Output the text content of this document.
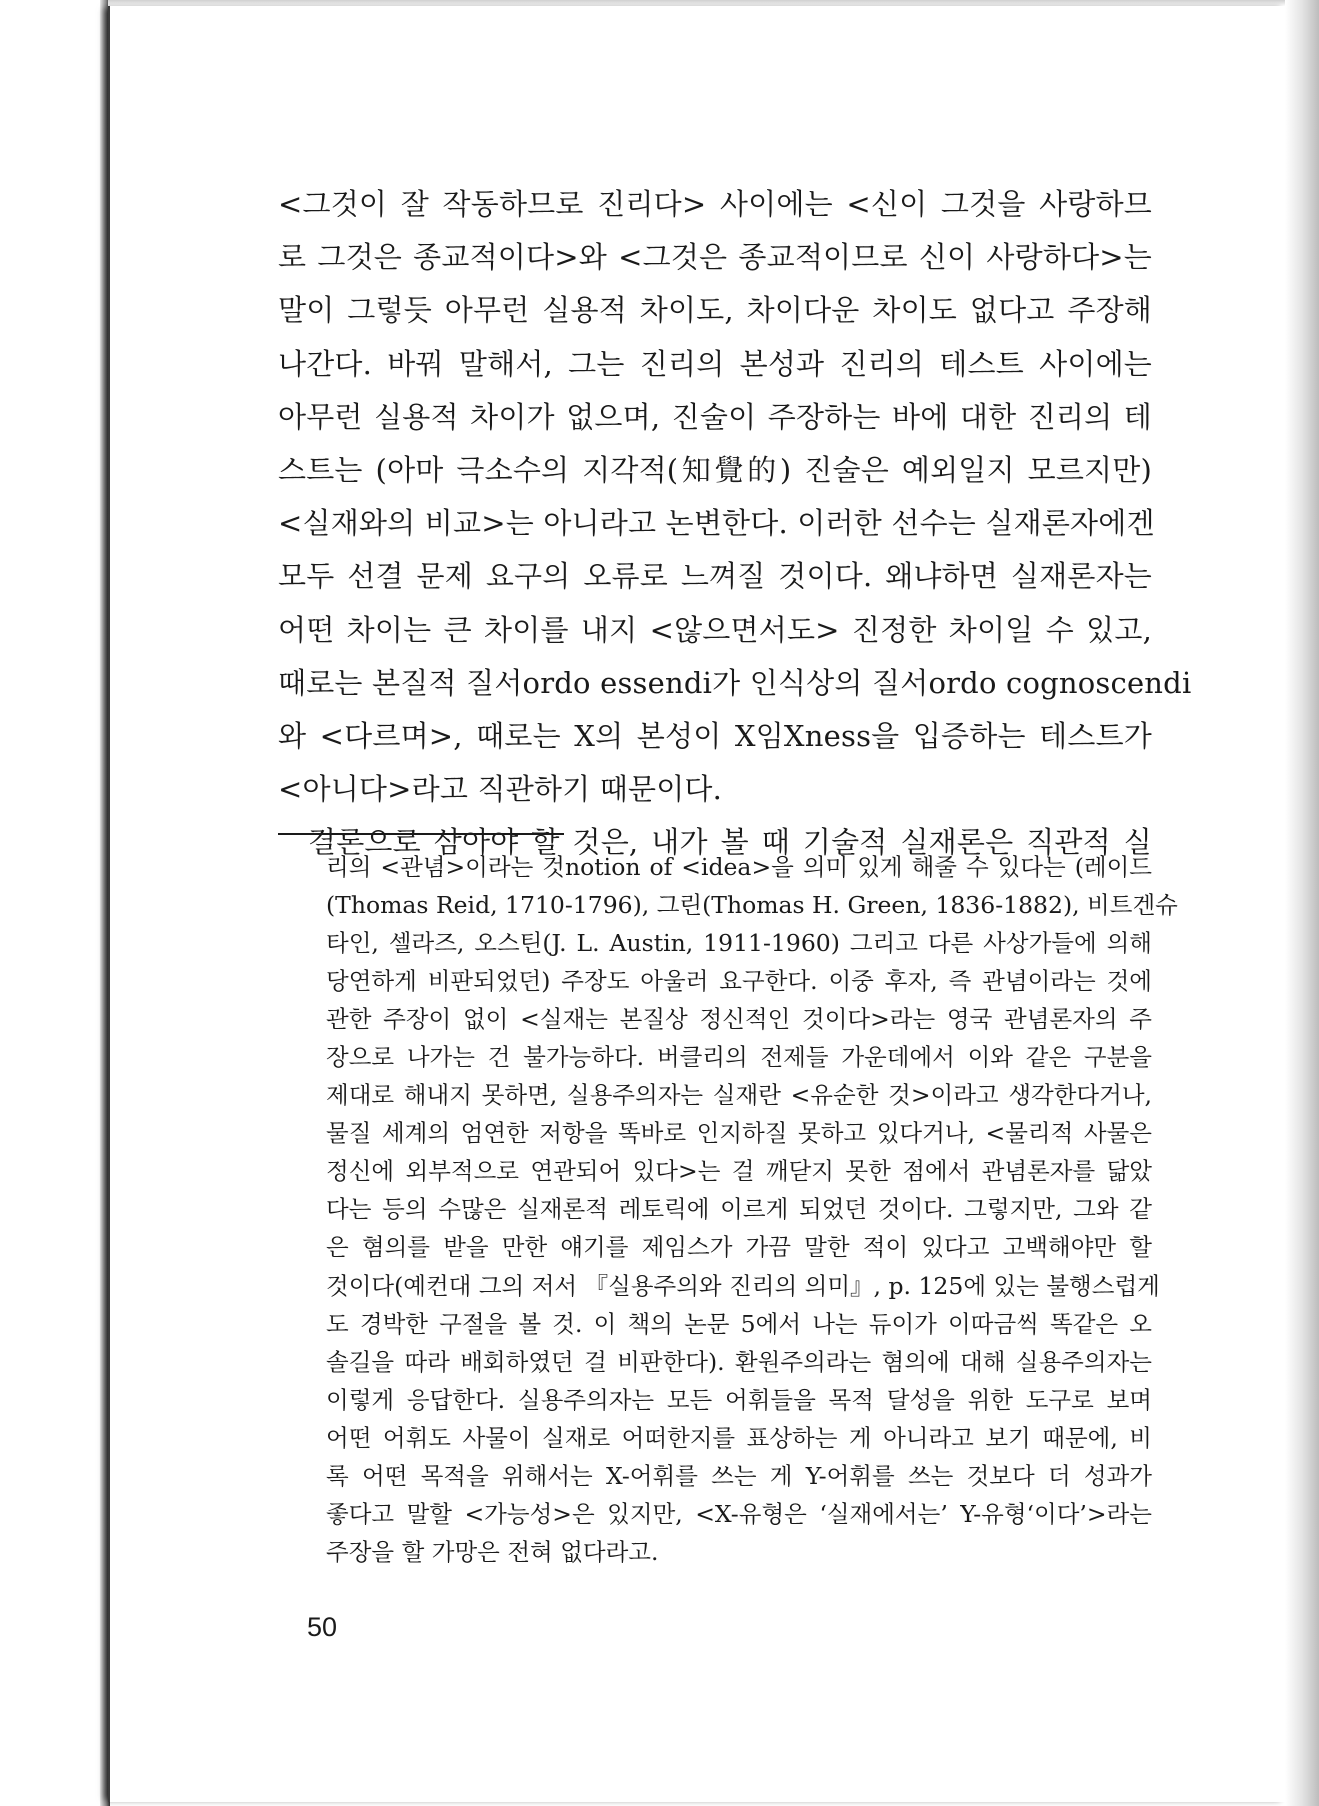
<그것이 잘 작동하므로 진리다> 사이에는 <신이 그것을 사랑하므
로 그것은 종교적이다>와 <그것은 종교적이므로 신이 사랑하다>는
말이 그렇듯 아무런 실용적 차이도, 차이다운 차이도 없다고 주장해
나간다. 바꿔 말해서, 그는 진리의 본성과 진리의 테스트 사이에는
아무런 실용적 차이가 없으며, 진술이 주장하는 바에 대한 진리의 테
스트는 (아마 극소수의 지각적(知覺的) 진술은 예외일지 모르지만)
<실재와의 비교>는 아니라고 논변한다. 이러한 선수는 실재론자에겐
모두 선결 문제 요구의 오류로 느껴질 것이다. 왜냐하면 실재론자는
어떤 차이는 큰 차이를 내지 <않으면서도> 진정한 차이일 수 있고,
때로는 본질적 질서ordo essendi가 인식상의 질서ordo cognoscendi
와 <다르며>, 때로는 X의 본성이 X임Xness을 입증하는 테스트가
<아니다>라고 직관하기 때문이다.
결론으로 삼아야 할 것은, 내가 볼 때 기술적 실재론은 직관적 실
리의 <관념>이라는 것notion of <idea>을 의미 있게 해줄 수 있다는 (레이드
(Thomas Reid, 1710-1796), 그린(Thomas H. Green, 1836-1882), 비트겐슈
타인, 셀라즈, 오스틴(J. L. Austin, 1911-1960) 그리고 다른 사상가들에 의해
당연하게 비판되었던) 주장도 아울러 요구한다. 이중 후자, 즉 관념이라는 것에
관한 주장이 없이 <실재는 본질상 정신적인 것이다>라는 영국 관념론자의 주
장으로 나가는 건 불가능하다. 버클리의 전제들 가운데에서 이와 같은 구분을
제대로 해내지 못하면, 실용주의자는 실재란 <유순한 것>이라고 생각한다거나,
물질 세계의 엄연한 저항을 똑바로 인지하질 못하고 있다거나, <물리적 사물은
정신에 외부적으로 연관되어 있다>는 걸 깨닫지 못한 점에서 관념론자를 닮았
다는 등의 수많은 실재론적 레토릭에 이르게 되었던 것이다. 그렇지만, 그와 같
은 혐의를 받을 만한 얘기를 제임스가 가끔 말한 적이 있다고 고백해야만 할
것이다(예컨대 그의 저서 『실용주의와 진리의 의미』, p. 125에 있는 불행스럽게
도 경박한 구절을 볼 것. 이 책의 논문 5에서 나는 듀이가 이따금씩 똑같은 오
솔길을 따라 배회하였던 걸 비판한다). 환원주의라는 혐의에 대해 실용주의자는
이렇게 응답한다. 실용주의자는 모든 어휘들을 목적 달성을 위한 도구로 보며
어떤 어휘도 사물이 실재로 어떠한지를 표상하는 게 아니라고 보기 때문에, 비
록 어떤 목적을 위해서는 X-어휘를 쓰는 게 Y-어휘를 쓰는 것보다 더 성과가
좋다고 말할 <가능성>은 있지만, <X-유형은 ‘실재에서는’ Y-유형‘이다’>라는
주장을 할 가망은 전혀 없다라고.
50
